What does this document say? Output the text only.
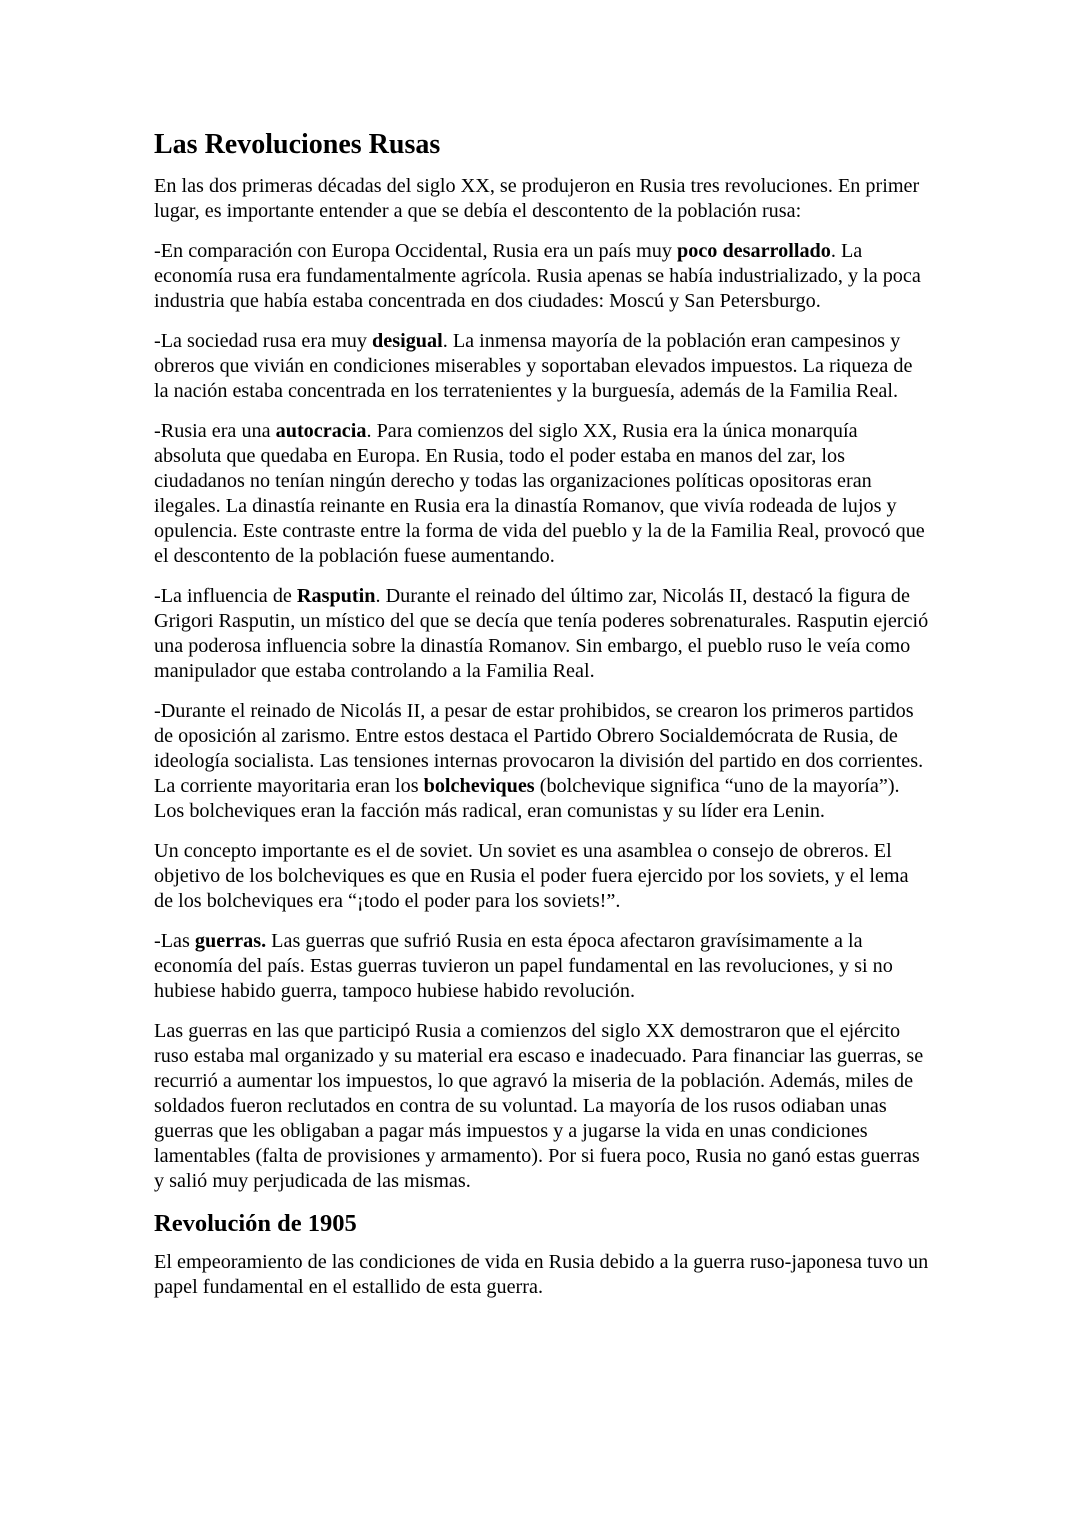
Las Revoluciones Rusas

En las dos primeras décadas del siglo XX, se produjeron en Rusia tres revoluciones. En primer lugar, es importante entender a que se debía el descontento de la población rusa:

-En comparación con Europa Occidental, Rusia era un país muy poco desarrollado. La economía rusa era fundamentalmente agrícola. Rusia apenas se había industrializado, y la poca industria que había estaba concentrada en dos ciudades: Moscú y San Petersburgo.

-La sociedad rusa era muy desigual. La inmensa mayoría de la población eran campesinos y obreros que vivián en condiciones miserables y soportaban elevados impuestos. La riqueza de la nación estaba concentrada en los terratenientes y la burguesía, además de la Familia Real.

-Rusia era una autocracia. Para comienzos del siglo XX, Rusia era la única monarquía absoluta que quedaba en Europa. En Rusia, todo el poder estaba en manos del zar, los ciudadanos no tenían ningún derecho y todas las organizaciones políticas opositoras eran ilegales. La dinastía reinante en Rusia era la dinastía Romanov, que vivía rodeada de lujos y opulencia. Este contraste entre la forma de vida del pueblo y la de la Familia Real, provocó que el descontento de la población fuese aumentando.

-La influencia de Rasputin. Durante el reinado del último zar, Nicolás II, destacó la figura de Grigori Rasputin, un místico del que se decía que tenía poderes sobrenaturales. Rasputin ejerció una poderosa influencia sobre la dinastía Romanov. Sin embargo, el pueblo ruso le veía como manipulador que estaba controlando a la Familia Real.

-Durante el reinado de Nicolás II, a pesar de estar prohibidos, se crearon los primeros partidos de oposición al zarismo. Entre estos destaca el Partido Obrero Socialdemócrata de Rusia, de ideología socialista. Las tensiones internas provocaron la división del partido en dos corrientes. La corriente mayoritaria eran los bolcheviques (bolchevique significa “uno de la mayoría”). Los bolcheviques eran la facción más radical, eran comunistas y su líder era Lenin.

Un concepto importante es el de soviet. Un soviet es una asamblea o consejo de obreros. El objetivo de los bolcheviques es que en Rusia el poder fuera ejercido por los soviets, y el lema de los bolcheviques era “¡todo el poder para los soviets!”.

-Las guerras. Las guerras que sufrió Rusia en esta época afectaron gravísimamente a la economía del país. Estas guerras tuvieron un papel fundamental en las revoluciones, y si no hubiese habido guerra, tampoco hubiese habido revolución.

Las guerras en las que participó Rusia a comienzos del siglo XX demostraron que el ejército ruso estaba mal organizado y su material era escaso e inadecuado. Para financiar las guerras, se recurrió a aumentar los impuestos, lo que agravó la miseria de la población. Además, miles de soldados fueron reclutados en contra de su voluntad. La mayoría de los rusos odiaban unas guerras que les obligaban a pagar más impuestos y a jugarse la vida en unas condiciones lamentables (falta de provisiones y armamento). Por si fuera poco, Rusia no ganó estas guerras y salió muy perjudicada de las mismas.

Revolución de 1905

El empeoramiento de las condiciones de vida en Rusia debido a la guerra ruso-japonesa tuvo un papel fundamental en el estallido de esta guerra.
